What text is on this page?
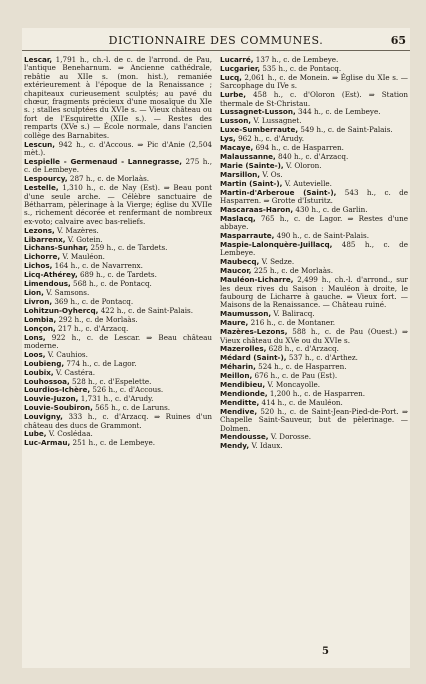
DICTIONNAIRE DES COMMUNES.	65

Lescar, 1,791 h., ch.-l. de c. de l'arrond. de Pau, l'antique Beneharnum. ⇒ Ancienne cathédrale, rebâtie au XIIe s. (mon. hist.), remaniée extérieurement à l'époque de la Renaissance ; chapiteaux curieusement sculptés; au pavé du chœur, fragments précieux d'une mosaïque du XIe s. ; stalles sculptées du XVIe s. — Vieux château ou fort de l'Esquirette (XIIe s.). — Restes des remparts (XVe s.) — École normale, dans l'ancien collège des Barnabites.

Lescun, 942 h., c. d'Accous. ⇒ Pic d'Anie (2,504 mèt.).

Lespielle - Germenaud - Lannegrasse, 275 h., c. de Lembeye.

Lespourcy, 287 h., c. de Morlaàs.

Lestelle, 1,310 h., c. de Nay (Est). ⇒ Beau pont d'une seule arche. — Célèbre sanctuaire de Bétharram, pèlerinage à la Vierge; église du XVIIe s., richement décorée et renfermant de nombreux ex-voto; calvaire avec bas-reliefs.

Lezons, V. Mazères.

Libarrenx, V. Gotein.

Lichans-Sunhar, 259 h., c. de Tardets.

Lichorre, V. Mauléon.

Lichos, 164 h., c. de Navarrenx.

Licq-Athérey, 689 h., c. de Tardets.

Limendous, 568 h., c. de Pontacq.

Lion, V. Samsons.

Livron, 369 h., c. de Pontacq.

Lohitzun-Oyhercq, 422 h., c. de Saint-Palais.

Lombia, 292 h., c. de Morlaàs.

Lonçon, 217 h., c. d'Arzacq.

Lons, 922 h., c. de Lescar. ⇒ Beau château moderne.

Loos, V. Cauhios.

Loubieng, 774 h., c. de Lagor.

Loubix, V. Castéra.

Louhossoa, 528 h., c. d'Espelette.

Lourdios-Ichère, 526 h., c. d'Accous.

Louvie-Juzon, 1,731 h., c. d'Arudy.

Louvie-Soubiron, 565 h., c. de Laruns.

Louvigny, 333 h., c. d'Arzacq. ⇒ Ruines d'un château des ducs de Grammont.

Lube, V. Coslédaa.

Luc-Armau, 251 h., c. de Lembeye.

Lucarré, 137 h., c. de Lembeye.

Lucgarier, 535 h., c. de Pontacq.

Lucq, 2,061 h., c. de Monein. ⇒ Église du XIe s. — Sarcophage du IVe s.

Lurbe, 458 h., c. d'Oloron (Est). ⇒ Station thermale de St-Christau.

Lussagnet-Lusson, 344 h., c. de Lembeye.

Lusson, V. Lussagnet.

Luxe-Sumberraute, 549 h., c. de Saint-Palais.

Lys, 962 h., c. d'Arudy.

Macaye, 694 h., c. de Hasparren.

Malaussanne, 840 h., c. d'Arzacq.

Marie (Sainte-), V. Oloron.

Marsillon, V. Os.

Martin (Saint-), V. Autevielle.

Martin-d'Arberoue (Saint-), 543 h., c. de Hasparren. ⇒ Grotte d'Isturitz.

Mascaraas-Haron, 430 h., c. de Garlin.

Maslacq, 765 h., c. de Lagor. ⇒ Restes d'une abbaye.

Masparraute, 490 h., c. de Saint-Palais.

Maspie-Lalonquère-Juillacq, 485 h., c. de Lembeye.

Maubecq, V. Sedze.

Maucor, 225 h., c. de Morlaàs.

Mauléon-Licharre, 2,499 h., ch.-l. d'arrond., sur les deux rives du Saison : Mauléon à droite, le faubourg de Licharre à gauche. ⇒ Vieux fort. — Maisons de la Renaissance. — Château ruiné.

Maumusson, V. Baliracq.

Maure, 216 h., c. de Montaner.

Mazères-Lezons, 588 h., c. de Pau (Ouest.) ⇒ Vieux château du XVe ou du XVIe s.

Mazerolles, 628 h., c. d'Arzacq.

Médard (Saint-), 537 h., c. d'Arthez.

Méharin, 524 h., c. de Hasparren.

Meillon, 676 h., c. de Pau (Est).

Mendibieu, V. Moncayolle.

Mendionde, 1,200 h., c. de Hasparren.

Menditte, 414 h., c. de Mauléon.

Mendive, 520 h., c. de Saint-Jean-Pied-de-Port. ⇒ Chapelle Saint-Sauveur, but de pèlerinage. — Dolmen.

Mendousse, V. Dorosse.

Mendy, V. Idaux.

5
